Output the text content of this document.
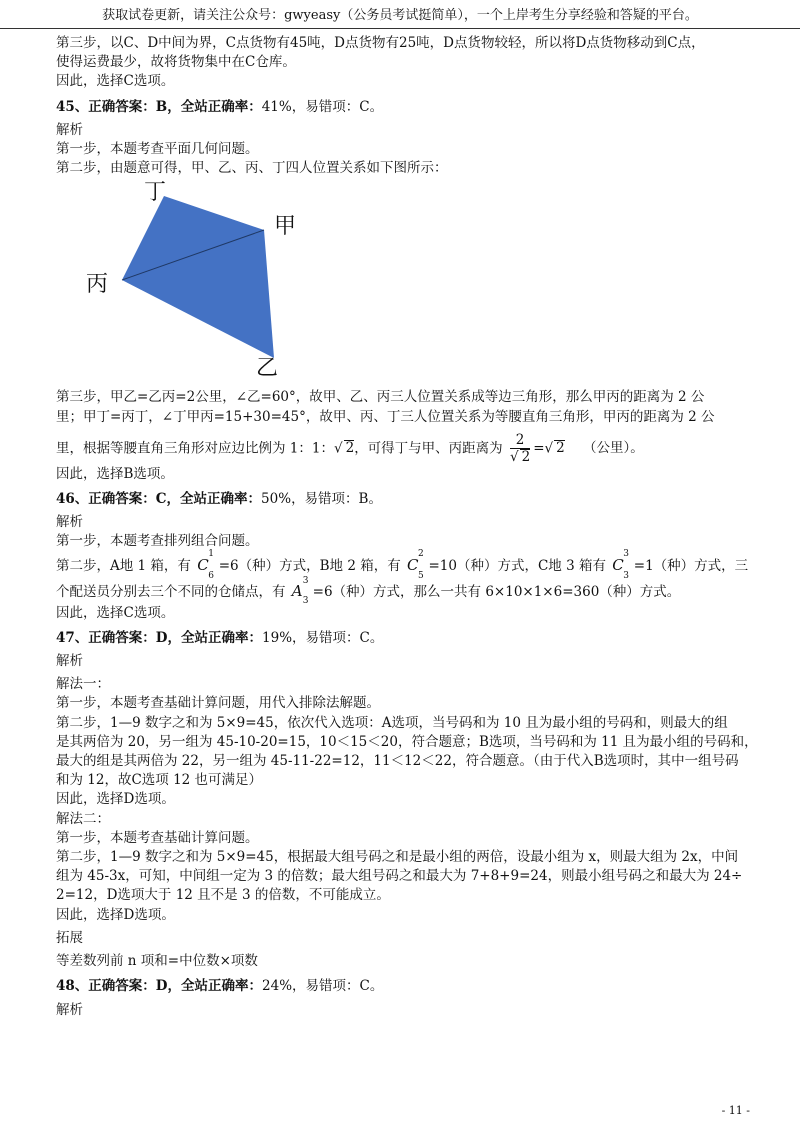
获取试卷更新，请关注公众号：gwyeasy（公务员考试挺简单），一个上岸考生分享经验和答疑的平台。

第三步，以C、D中间为界，C点货物有45吨，D点货物有25吨，D点货物较轻，所以将D点货物移动到C点，

使得运费最少，故将货物集中在C仓库。

因此，选择C选项。

45、正确答案：B，全站正确率：41%，易错项：C。

解析

第一步，本题考查平面几何问题。

第二步，由题意可得，甲、乙、丙、丁四人位置关系如下图所示：

丁
甲
丙
乙

第三步，甲乙=乙丙=2公里，∠乙=60°，故甲、乙、丙三人位置关系成等边三角形，那么甲丙的距离为 2 公

里；甲丁=丙丁，∠丁甲丙=15+30=45°，故甲、丙、丁三人位置关系为等腰直角三角形，甲丙的距离为 2 公

里，根据等腰直角三角形对应边比例为 1：1：√ 2，可得丁与甲、丙距离为 $\frac{2}{√ 2}$ =√ 2 （公里）。

因此，选择B选项。

46、正确答案：C，全站正确率：50%，易错项：B。

解析

第一步，本题考查排列组合问题。

第二步，A地 1 箱，有 C
1
6
=6（种）方式，B地 2 箱，有 C
2
5
=10（种）方式，C地 3 箱有 C
3
3
=1（种）方式，三

个配送员分别去三个不同的仓储点，有 A
3
3
=6（种）方式，那么一共有 6×10×1×6=360（种）方式。

因此，选择C选项。

47、正确答案：D，全站正确率：19%，易错项：C。

解析

解法一：

第一步，本题考查基础计算问题，用代入排除法解题。

第二步，1—9 数字之和为 5×9=45，依次代入选项：A选项，当号码和为 10 且为最小组的号码和，则最大的组

是其两倍为 20，另一组为 45-10-20=15，10＜15＜20，符合题意；B选项，当号码和为 11 且为最小组的号码和，

最大的组是其两倍为 22，另一组为 45-11-22=12，11＜12＜22，符合题意。（由于代入B选项时，其中一组号码

和为 12，故C选项 12 也可满足）

因此，选择D选项。

解法二：

第一步，本题考查基础计算问题。

第二步，1—9 数字之和为 5×9=45，根据最大组号码之和是最小组的两倍，设最小组为 x，则最大组为 2x，中间

组为 45-3x，可知，中间组一定为 3 的倍数；最大组号码之和最大为 7+8+9=24，则最小组号码之和最大为 24÷

2=12，D选项大于 12 且不是 3 的倍数，不可能成立。

因此，选择D选项。

拓展

等差数列前 n 项和=中位数×项数

48、正确答案：D，全站正确率：24%，易错项：C。

解析

- 11 -
